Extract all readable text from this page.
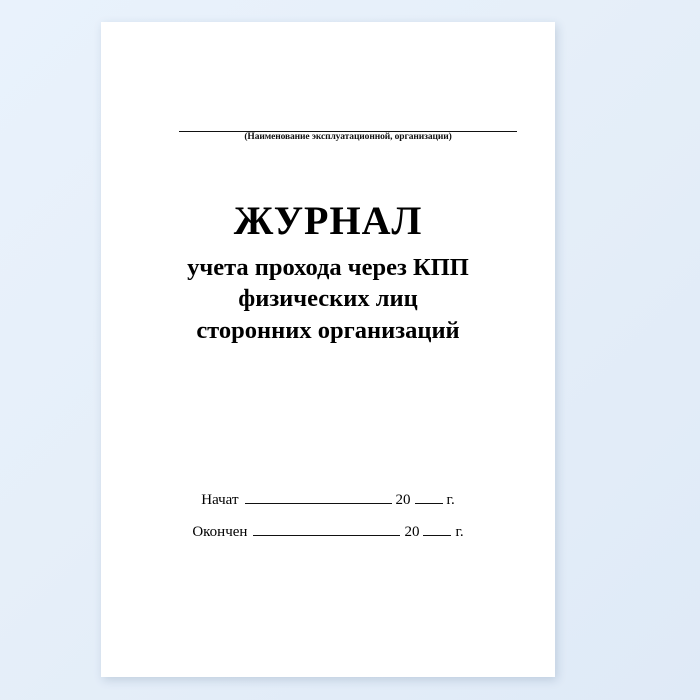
(Наименование эксплуатационной, организации)
ЖУРНАЛ
учета прохода через КПП
физических лиц
сторонних организаций
Начат	20 г.
Окончен	20 г.
